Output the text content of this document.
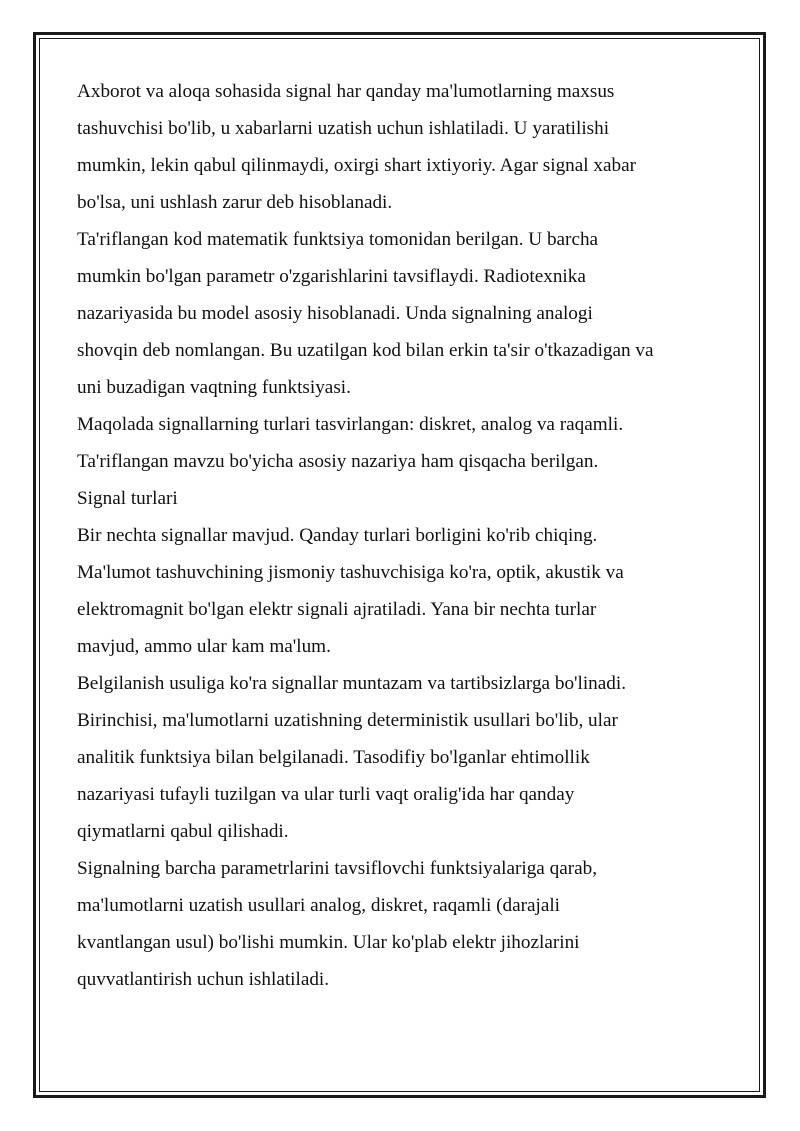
Axborot va aloqa sohasida signal har qanday ma'lumotlarning maxsus
tashuvchisi bo'lib, u xabarlarni uzatish uchun ishlatiladi. U yaratilishi
mumkin, lekin qabul qilinmaydi, oxirgi shart ixtiyoriy. Agar signal xabar
bo'lsa, uni ushlash zarur deb hisoblanadi.
Ta'riflangan kod matematik funktsiya tomonidan berilgan. U barcha
mumkin bo'lgan parametr o'zgarishlarini tavsiflaydi. Radiotexnika
nazariyasida bu model asosiy hisoblanadi. Unda signalning analogi
shovqin deb nomlangan. Bu uzatilgan kod bilan erkin ta'sir o'tkazadigan va
uni buzadigan vaqtning funktsiyasi.
Maqolada signallarning turlari tasvirlangan: diskret, analog va raqamli.
Ta'riflangan mavzu bo'yicha asosiy nazariya ham qisqacha berilgan.
Signal turlari
Bir nechta signallar mavjud. Qanday turlari borligini ko'rib chiqing.
Ma'lumot tashuvchining jismoniy tashuvchisiga ko'ra, optik, akustik va
elektromagnit bo'lgan elektr signali ajratiladi. Yana bir nechta turlar
mavjud, ammo ular kam ma'lum.
Belgilanish usuliga ko'ra signallar muntazam va tartibsizlarga bo'linadi.
Birinchisi, ma'lumotlarni uzatishning deterministik usullari bo'lib, ular
analitik funktsiya bilan belgilanadi. Tasodifiy bo'lganlar ehtimollik
nazariyasi tufayli tuzilgan va ular turli vaqt oralig'ida har qanday
qiymatlarni qabul qilishadi.
Signalning barcha parametrlarini tavsiflovchi funktsiyalariga qarab,
ma'lumotlarni uzatish usullari analog, diskret, raqamli (darajali
kvantlangan usul) bo'lishi mumkin. Ular ko'plab elektr jihozlarini
quvvatlantirish uchun ishlatiladi.
